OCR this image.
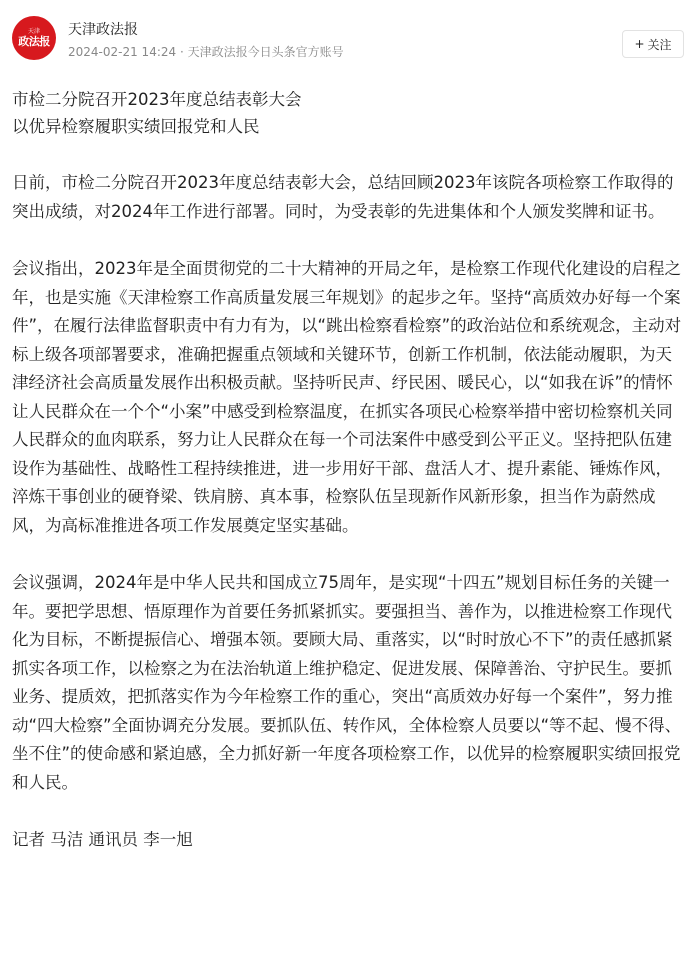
天津
政法报
天津政法报
2024-02-21 14:24 · 天津政法报今日头条官方账号
+ 关注

市检二分院召开2023年度总结表彰大会

以优异检察履职实绩回报党和人民

日前，市检二分院召开2023年度总结表彰大会，总结回顾2023年该院各项检察工作取得的突出成绩，对2024年工作进行部署。同时，为受表彰的先进集体和个人颁发奖牌和证书。

会议指出，2023年是全面贯彻党的二十大精神的开局之年，是检察工作现代化建设的启程之年，也是实施《天津检察工作高质量发展三年规划》的起步之年。坚持“高质效办好每一个案件”，在履行法律监督职责中有力有为，以“跳出检察看检察”的政治站位和系统观念，主动对标上级各项部署要求，准确把握重点领域和关键环节，创新工作机制，依法能动履职，为天津经济社会高质量发展作出积极贡献。坚持听民声、纾民困、暖民心，以“如我在诉”的情怀让人民群众在一个个“小案”中感受到检察温度，在抓实各项民心检察举措中密切检察机关同人民群众的血肉联系，努力让人民群众在每一个司法案件中感受到公平正义。坚持把队伍建设作为基础性、战略性工程持续推进，进一步用好干部、盘活人才、提升素能、锤炼作风，淬炼干事创业的硬脊梁、铁肩膀、真本事，检察队伍呈现新作风新形象，担当作为蔚然成风，为高标准推进各项工作发展奠定坚实基础。

会议强调，2024年是中华人民共和国成立75周年，是实现“十四五”规划目标任务的关键一年。要把学思想、悟原理作为首要任务抓紧抓实。要强担当、善作为，以推进检察工作现代化为目标，不断提振信心、增强本领。要顾大局、重落实，以“时时放心不下”的责任感抓紧抓实各项工作，以检察之为在法治轨道上维护稳定、促进发展、保障善治、守护民生。要抓业务、提质效，把抓落实作为今年检察工作的重心，突出“高质效办好每一个案件”，努力推动“四大检察”全面协调充分发展。要抓队伍、转作风，全体检察人员要以“等不起、慢不得、坐不住”的使命感和紧迫感，全力抓好新一年度各项检察工作，以优异的检察履职实绩回报党和人民。

记者 马洁 通讯员 李一旭
